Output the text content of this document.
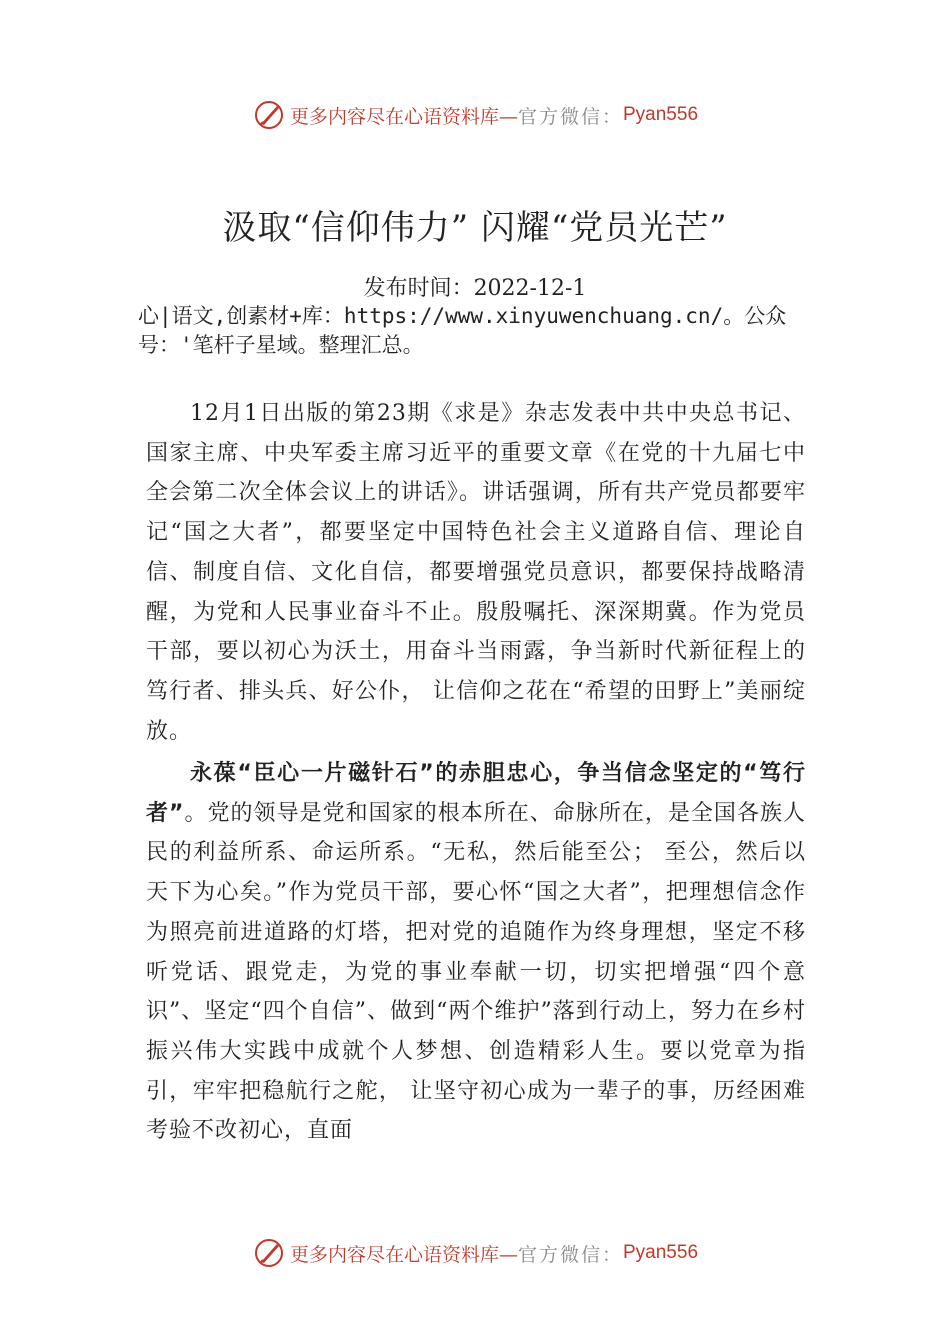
更多内容尽在心语资料库— 官方微信： Pyan556
汲取“信仰伟力” 闪耀“党员光芒”
发布时间：2022-12-1
心|语文,创素材+库：https://www.xinyuwenchuang.cn/。公众号：'笔杆子星域。整理汇总。

12月1日出版的第23期《求是》杂志发表中共中央总书记、国家主席、中央军委主席习近平的重要文章《在党的十九届七中全会第二次全体会议上的讲话》。讲话强调，所有共产党员都要牢记“国之大者”，都要坚定中国特色社会主义道路自信、理论自信、制度自信、文化自信，都要增强党员意识，都要保持战略清醒，为党和人民事业奋斗不止。殷殷嘱托、深深期冀。作为党员干部，要以初心为沃土，用奋斗当雨露，争当新时代新征程上的笃行者、排头兵、好公仆， 让信仰之花在“希望的田野上”美丽绽放。

永葆“臣心一片磁针石”的赤胆忠心，争当信念坚定的“笃行者”。党的领导是党和国家的根本所在、命脉所在，是全国各族人民的利益所系、命运所系。“无私，然后能至公； 至公，然后以天下为心矣。”作为党员干部，要心怀“国之大者”，把理想信念作为照亮前进道路的灯塔，把对党的追随作为终身理想，坚定不移听党话、跟党走，为党的事业奉献一切，切实把增强“四个意识”、坚定“四个自信”、做到“两个维护”落到行动上，努力在乡村振兴伟大实践中成就个人梦想、创造精彩人生。要以党章为指引，牢牢把稳航行之舵， 让坚守初心成为一辈子的事，历经困难考验不改初心，直面

更多内容尽在心语资料库— 官方微信： Pyan556
